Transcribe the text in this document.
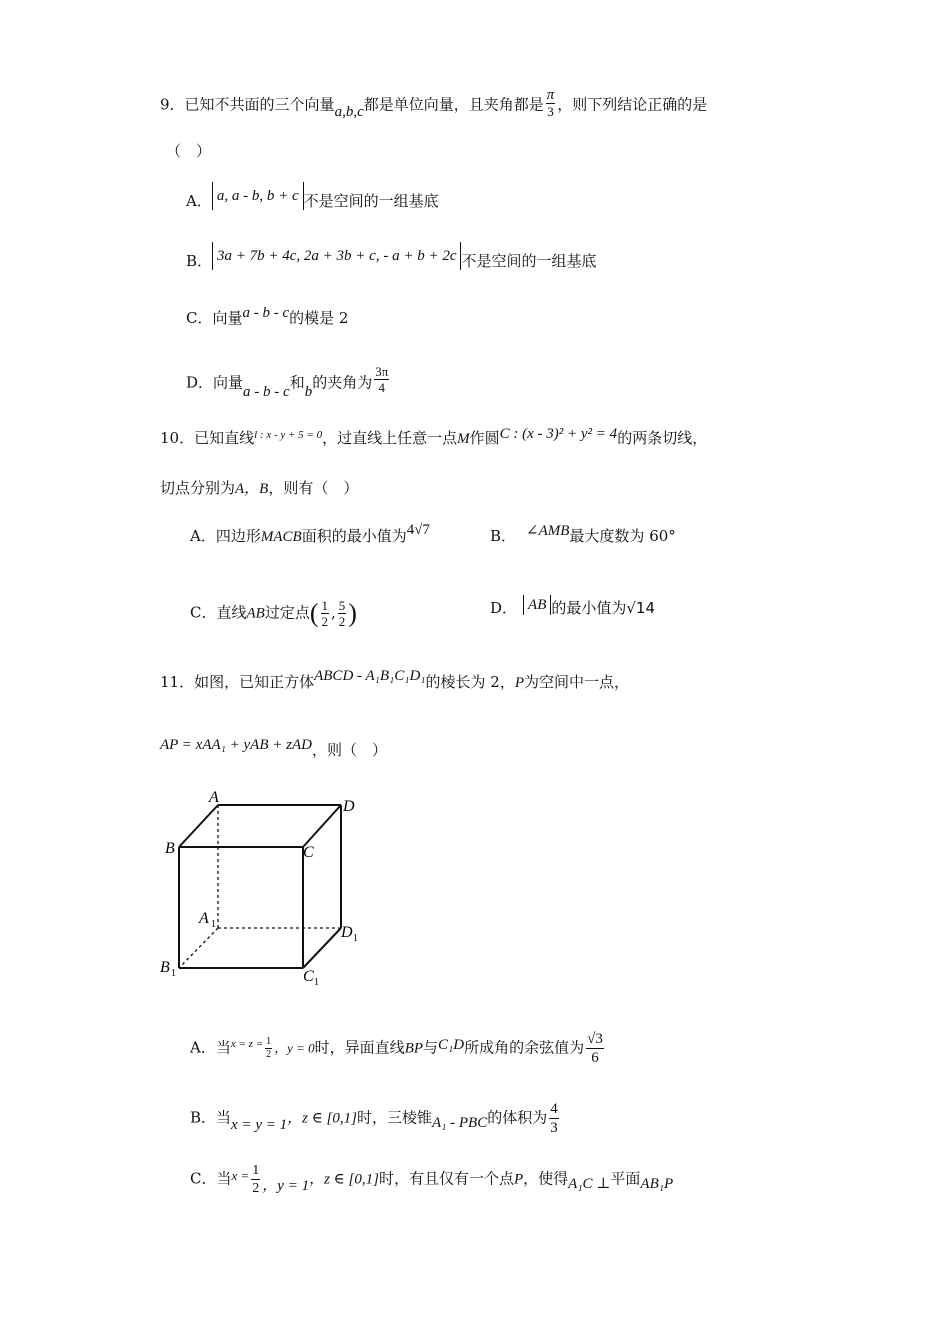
9．已知不共面的三个向量a,b,c都是单位向量，且夹角都是 $\frac{\pi}{3}$ ，则下列结论正确的是
（　）
A． a, a - b, b + c 不是空间的一组基底
B． 3a + 7b + 4c, 2a + 3b + c, - a + b + 2c 不是空间的一组基底
C．向量a - b - c的模是 2
D．向量a - b - c和b的夹角为 $\frac{3\pi}{4}$
10．已知直线$^{l : x - y + 5 = 0}$，过直线上任意一点M作圆C : (x - 3)² + y² = 4的两条切线，
切点分别为A，B，则有（　）
A．四边形MACB面积的最小值为4√7	B． ∠AMB最大度数为 60°
C．直线AB过定点( $\frac{1}{2}$ , $\frac{5}{2}$ )	D． AB 的最小值为√14
11．如图，已知正方体ABCD - A₁B₁C₁D₁的棱长为 2，P为空间中一点，
AP = xAA₁ + yAB + zAD，则（　）
A
D
B	C
A 1	D 1
B 1	C 1
A．当$^{x = z =} \frac{1}{2}$ ，y = 0时，异面直线BP与C₁D所成角的余弦值为 $\frac{√3}{6}$
B．当x = y = 1，z ∈ [0,1]时，三棱锥A₁ - PBC的体积为 $\frac{4}{3}$
C．当$x = \frac{1}{2}$ ，y = 1，z ∈ [0,1]时，有且仅有一个点P，使得A₁C ⊥平面AB₁P
